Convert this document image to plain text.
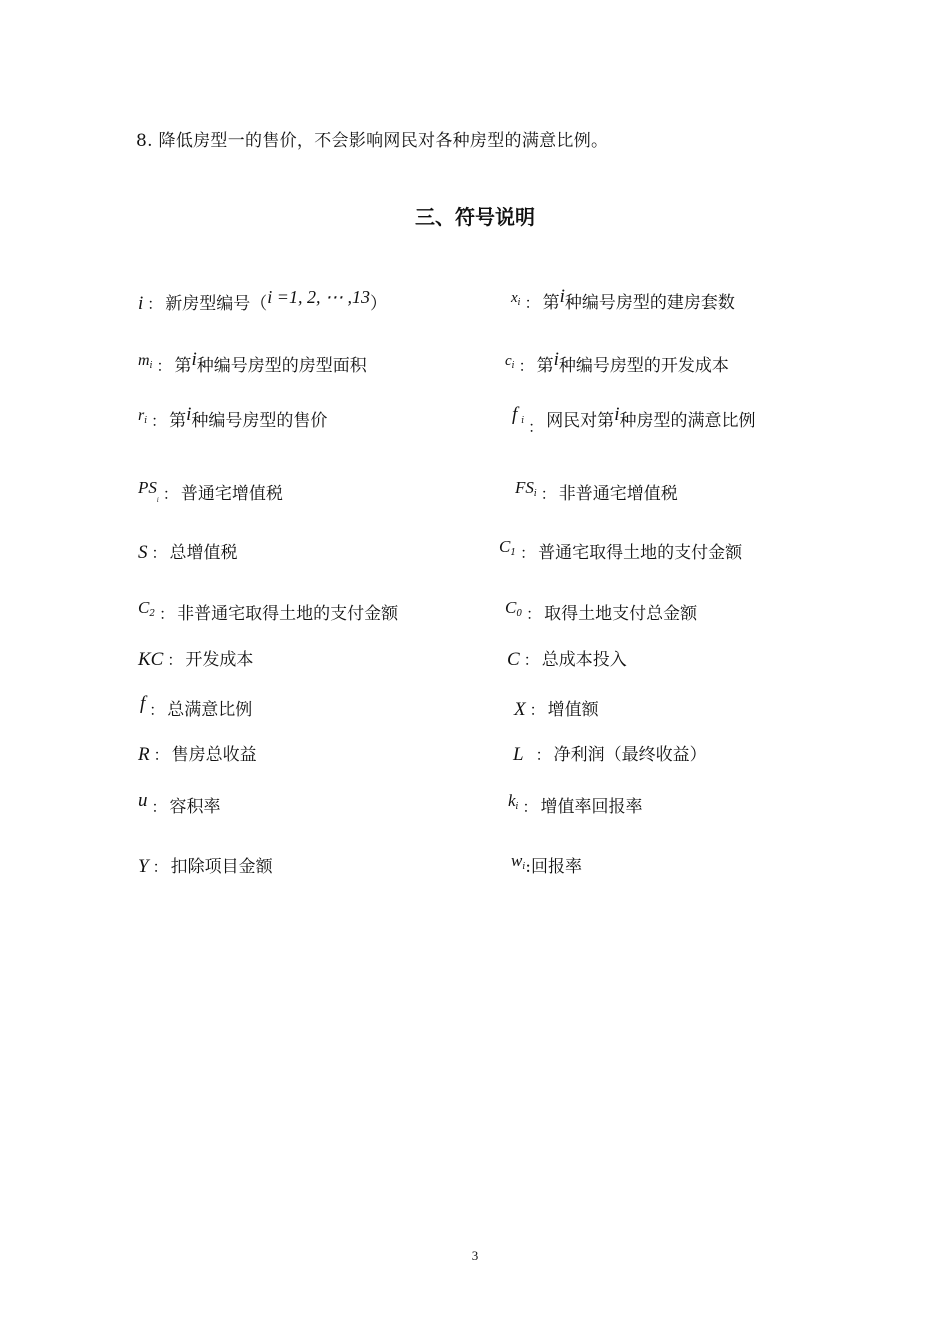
8. 降低房型一的售价，不会影响网民对各种房型的满意比例。
三、符号说明
i ： 新房型编号（i =1, 2, ⋯ ,13）	$x_i$ ： 第i种编号房型的建房套数
$m_i$ ： 第i种编号房型的房型面积	$c_i$ ： 第i种编号房型的开发成本
$r_i$ ： 第i种编号房型的售价	f $_i$ ： 网民对第i种房型的满意比例
$PS_i$ ： 普通宅增值税	$FS_i$ ： 非普通宅增值税
S ： 总增值税	$C_1$ ： 普通宅取得土地的支付金额
$C_2$ ： 非普通宅取得土地的支付金额	$C_0$ ： 取得土地支付总金额
KC ： 开发成本	C ： 总成本投入
f ： 总满意比例	X ： 增值额
R ： 售房总收益	L ： 净利润（最终收益）
u ： 容积率	$k_i$ ： 增值率回报率
Y ： 扣除项目金额	$w_i$:回报率
3
